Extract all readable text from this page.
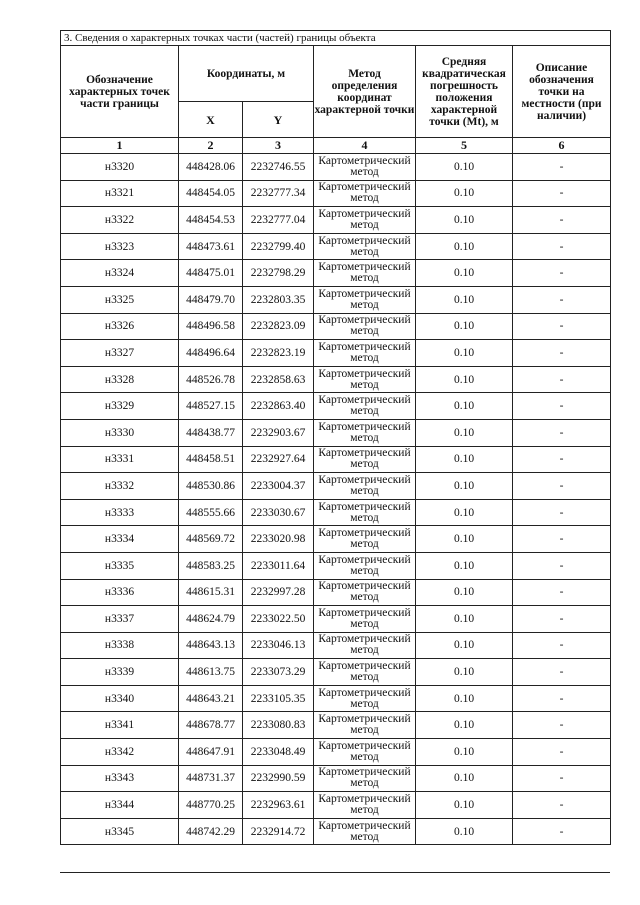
3. Сведения о характерных точках части (частей) границы объекта					
Обозначение характерных точек части границы	Координаты, м		Метод определения координат характерной точки	Средняя квадратическая погрешность положения характерной точки (Mt), м	Описание обозначения точки на местности (при наличии)
	X	Y			
1	2	3	4	5	6
н3320	448428.06	2232746.55	Картометрический метод	0.10	-
н3321	448454.05	2232777.34	Картометрический метод	0.10	-
н3322	448454.53	2232777.04	Картометрический метод	0.10	-
н3323	448473.61	2232799.40	Картометрический метод	0.10	-
н3324	448475.01	2232798.29	Картометрический метод	0.10	-
н3325	448479.70	2232803.35	Картометрический метод	0.10	-
н3326	448496.58	2232823.09	Картометрический метод	0.10	-
н3327	448496.64	2232823.19	Картометрический метод	0.10	-
н3328	448526.78	2232858.63	Картометрический метод	0.10	-
н3329	448527.15	2232863.40	Картометрический метод	0.10	-
н3330	448438.77	2232903.67	Картометрический метод	0.10	-
н3331	448458.51	2232927.64	Картометрический метод	0.10	-
н3332	448530.86	2233004.37	Картометрический метод	0.10	-
н3333	448555.66	2233030.67	Картометрический метод	0.10	-
н3334	448569.72	2233020.98	Картометрический метод	0.10	-
н3335	448583.25	2233011.64	Картометрический метод	0.10	-
н3336	448615.31	2232997.28	Картометрический метод	0.10	-
н3337	448624.79	2233022.50	Картометрический метод	0.10	-
н3338	448643.13	2233046.13	Картометрический метод	0.10	-
н3339	448613.75	2233073.29	Картометрический метод	0.10	-
н3340	448643.21	2233105.35	Картометрический метод	0.10	-
н3341	448678.77	2233080.83	Картометрический метод	0.10	-
н3342	448647.91	2233048.49	Картометрический метод	0.10	-
н3343	448731.37	2232990.59	Картометрический метод	0.10	-
н3344	448770.25	2232963.61	Картометрический метод	0.10	-
н3345	448742.29	2232914.72	Картометрический метод	0.10	-
